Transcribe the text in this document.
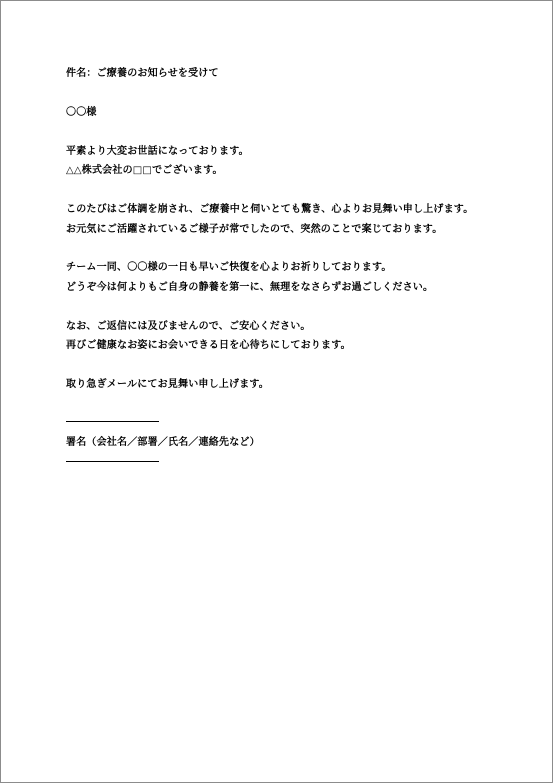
件名：ご療養のお知らせを受けて

〇〇様

平素より大変お世話になっております。

△△株式会社の□□でございます。

このたびはご体調を崩され、ご療養中と伺いとても驚き、心よりお見舞い申し上げます。

お元気にご活躍されているご様子が常でしたので、突然のことで案じております。

チーム一同、〇〇様の一日も早いご快復を心よりお祈りしております。

どうぞ今は何よりもご自身の静養を第一に、無理をなさらずお過ごしください。

なお、ご返信には及びませんので、ご安心ください。

再びご健康なお姿にお会いできる日を心待ちにしております。

取り急ぎメールにてお見舞い申し上げます。

署名（会社名／部署／氏名／連絡先など）
